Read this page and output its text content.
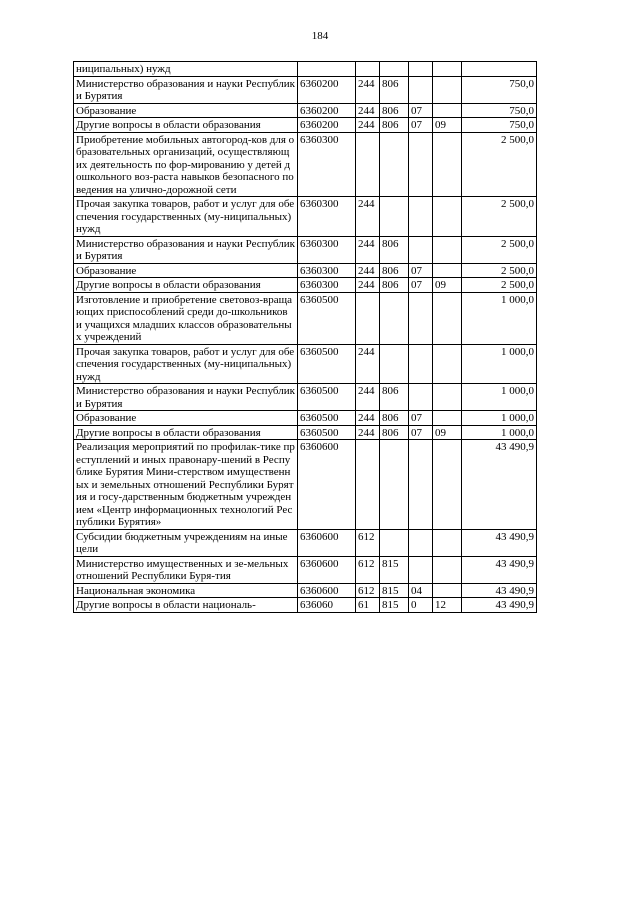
184
ниципальных) нужд						
Министерство образования и науки Республики Бурятия	6360200	244	806			750,0
Образование	6360200	244	806	07		750,0
Другие вопросы в области образования	6360200	244	806	07	09	750,0
Приобретение мобильных автогород-ков для образовательных организаций, осуществляющих деятельность по фор-мированию у детей дошкольного воз-раста навыков безопасного поведения на улично-дорожной сети	6360300					2 500,0
Прочая закупка товаров, работ и услуг для обеспечения государственных (му-ниципальных) нужд	6360300	244				2 500,0
Министерство образования и науки Республики Бурятия	6360300	244	806			2 500,0
Образование	6360300	244	806	07		2 500,0
Другие вопросы в области образования	6360300	244	806	07	09	2 500,0
Изготовление и приобретение световоз-вращающих приспособлений среди до-школьников и учащихся младших классов образовательных учреждений	6360500					1 000,0
Прочая закупка товаров, работ и услуг для обеспечения государственных (му-ниципальных) нужд	6360500	244				1 000,0
Министерство образования и науки Республики Бурятия	6360500	244	806			1 000,0
Образование	6360500	244	806	07		1 000,0
Другие вопросы в области образования	6360500	244	806	07	09	1 000,0
Реализация мероприятий по профилак-тике преступлений и иных правонару-шений в Республике Бурятия Мини-стерством имущественных и земельных отношений Республики Бурятия и госу-дарственным бюджетным учреждением «Центр информационных технологий Республики Бурятия»	6360600					43 490,9
Субсидии бюджетным учреждениям на иные цели	6360600	612				43 490,9
Министерство имущественных и зе-мельных отношений Республики Буря-тия	6360600	612	815			43 490,9
Национальная экономика	6360600	612	815	04		43 490,9
Другие вопросы в области националь-	636060	61	815	0	12	43 490,9
